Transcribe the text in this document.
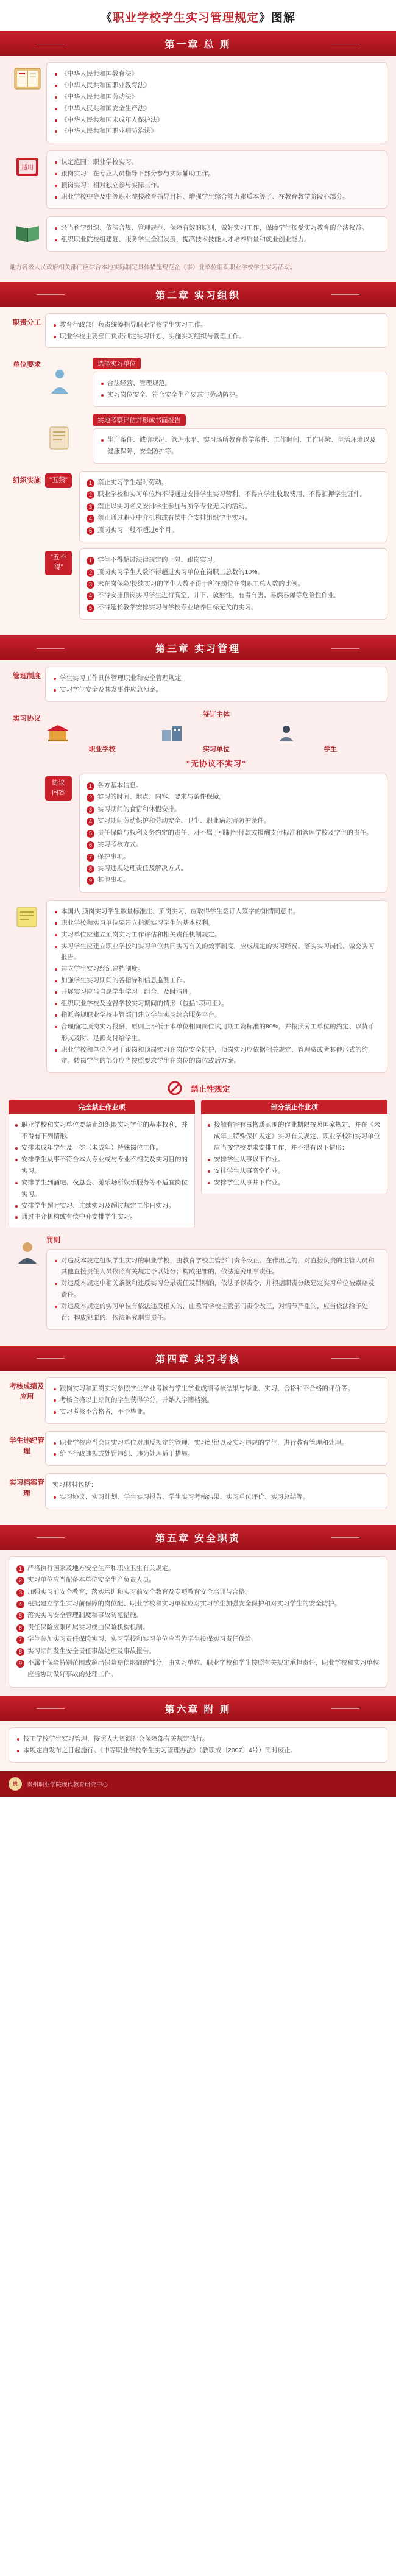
《职业学校学生实习管理规定》图解
第一章 总 则
《中华人民共和国教育法》
《中华人民共和国职业教育法》
《中华人民共和国劳动法》
《中华人民共和国安全生产法》
《中华人民共和国未成年人保护法》
《中华人民共和国职业病防治法》
适用
认定范围：职业学校实习。
跟岗实习：在专业人员指导下部分参与实际辅助工作。
顶岗实习：相对独立参与实际工作。
职业学校中等及中等职业院校教育指导目标、增强学生综合能力素质本等了、在教育教学阶段心部分。
经当科学组织、依法合规、管理规范、保障有效的原则，做好实习工作，保障学生接受实习教育的合法权益。
组织职业院校组建复、服务学生全程发展，提高技术技能人才培养质量和就业创业能力。
地方各级人民政府相关部门应综合本地实际制定具体措施规范企（事）业单位组织职业学校学生实习活动。
第二章 实习组织
职责分工	教育行政部门负责统筹指导职业学校学生实习工作。
职业学校主要部门负责制定实习计划、实施实习组织与管理工作。
单位要求	选择实习单位
合法经营、管理规范。
实习岗位安全、符合安全生产要求与劳动防护。
实地考察评估并形成书面报告
生产条件、诚信状况、管理水平、实习场所教育教学条件、工作时间、工作环境、生活环境以及健康保障、安全防护等。
组织实施	"五禁"	禁止实习学生超时劳动。
职业学校和实习单位均不得通过安排学生实习营利，不得向学生收取费用、不得扣押学生证件。
禁止以实习名义安排学生参加与所学专业无关的活动。
禁止通过职业中介机构或有偿中介安排组织学生实习。
顶岗实习一般不超过6个月。
"五不得"
学生不得超过法律规定的上限、跟岗实习。
顶岗实习学生人数不得超过实习单位在岗职工总数的10%。
未在岗保险/接续实习的学生人数不得于所在岗位在岗职工总人数的比例。
不得安排顶岗实习学生进行高空、井下、放射性、有毒有害、易燃易爆等危险性作业。
不得延长教学安排实习与学校专业培养目标无关的实习。
第三章 实习管理
管理制度	学生实习工作具体管理职业和安全管理规定。
实习学生安全及其发事件应急预案。
实习协议
签订主体
职业学校	实习单位	学生
"无协议不实习"
协议内容
各方基本信息。
实习的时间、地点、内容、要求与条件保障。
实习期间的食宿和休假安排。
实习期间劳动保护和劳动安全、卫生、职业病危害防护条件。
责任保险与权利义务约定的责任，对不属于强制性付款或报酬支付标准和管理学校及学生的责任。
实习考核方式。
保护事项。
实习违规处理责任及解决方式。
其他事项。
本国认 顶岗实习学生数量标准注、顶岗实习、应取得学生签订人签字的知情同意书。
职业学校和实习单位要建立指派实习学生的基本权利。
实习单位应建立顶岗实习工作评估和相关责任机制规定。
实习学生应建立职业学校和实习单位共同实习有关的效率制度，应成规定的实习经费、落实实习岗位、做交实习报告。
建立学生实习经纪建档制度。
加强学生实习期间的各指导和信息监测工作。
开展实习应当自愿学生学习一组合、及时清理。
组织职业学校及监督学校实习期间的情形（包括1项可正）。
指派各规职业学校主管部门建立学生实习综合服务平台。
合理确定顶岗实习报酬，原则上不低于本单位相同岗位试用期工资标准的80%，并按照劳工单位的约定、以货币形式及时、足额支付给学生。
职业学校和单位应对于跟岗和顶岗实习在岗位安全防护，顶岗实习应依据相关规定、管理费或者其他形式的约定。转岗学生的部分应当按照要求学生在岗位的岗位或后方案。
禁止性规定
完全禁止作业项
职业学校和实习单位要禁止组织限实习学生的基本权利，并不得有下列情形。
安排未成年学生及一类（未成年）特殊岗位工作。
安排学生从事不符合本人专业或与专业不相关及实习目的的实习。
安排学生到酒吧、夜总会、游乐场所娱乐服务等不适宜岗位实习。
安排学生超时实习、连续实习及超过规定工作日实习。
通过中介机构或有偿中介安排学生实习。
部分禁止作业项
接触有害有毒物质范围的作业期限按照国家规定，并在《未成年工特殊保护规定》实习有关规定、职业学校和实习单位应当按学校要求安排工作，并不得有以下情形：
安排学生从事以下作业。
安排学生从事高空作业。
安排学生从事井下作业。
罚则
对违反本规定组织学生实习的职业学校，由教育学校主管部门责令改正、在作出之的，对直接负责的主管人员和其他直接责任人员依照有关规定予以处分；构成犯罪的，依法追究刑事责任。
对违反本规定中相关条款和违反实习分录责任及罚则的，依法予以责令，并根据职责分级建定实习单位被索赔及责任。
对违反本规定的实习单位有依法违反相关的，由教育学校主管部门责令改正，对情节严重的，应当依法给予处罚；构成犯罪的，依法追究刑事责任。
第四章 实习考核
考核成绩及应用
跟岗实习和顶岗实习参照学生学业考核与学生学业成绩考核结果与毕业、实习、合格和不合格的评价等。
考核合格以上期间的学生获得学分，并纳入学籍档案。
实习考核不合格者，不予毕业。
学生违纪管理
职业学校应当会同实习单位对违反规定的管理、实习纪律以及实习违规的学生，进行教育管理和处理。
给予行政违规或处罚违纪、违为处理适于措施。
实习档案管理

实习材料包括：

实习协议、实习计划、学生实习报告、学生实习考核结果、实习单位评价、实习总结等。
第五章 安全职责
严格执行国家及地方安全生产和职业卫生有关规定。
实习单位应当配备本单位安全生产负责人员。
加强实习前安全教育，落实培训和实习前安全教育及专项教育安全培训与合格。
根据建立学生实习前保障的岗位配、职业学校和实习单位应对实习学生加强安全保护和对实习学生的安全防护。
落实实习安全管理制度和事故防范措施。
责任保险应限所属实习或由保险机构机制。
学生参加实习责任保险实习、实习学校和实习单位应当为学生投保实习责任保险。
实习期间发生安全责任事故处理及事故报告。
不属于保险特别范围或超出保险赔偿限额的部分，由实习单位、职业学校和学生按照有关规定承担责任，职业学校和实习单位应当协助做好事故的处理工作。
第六章 附 则
技工学校学生实习管理，按照人力资源社会保障部有关规定执行。
本规定自发布之日起施行。《中等职业学校学生实习管理办法》（教职成〔2007〕4号）同时废止。
贵	贵州职业学院现代教育研究中心
